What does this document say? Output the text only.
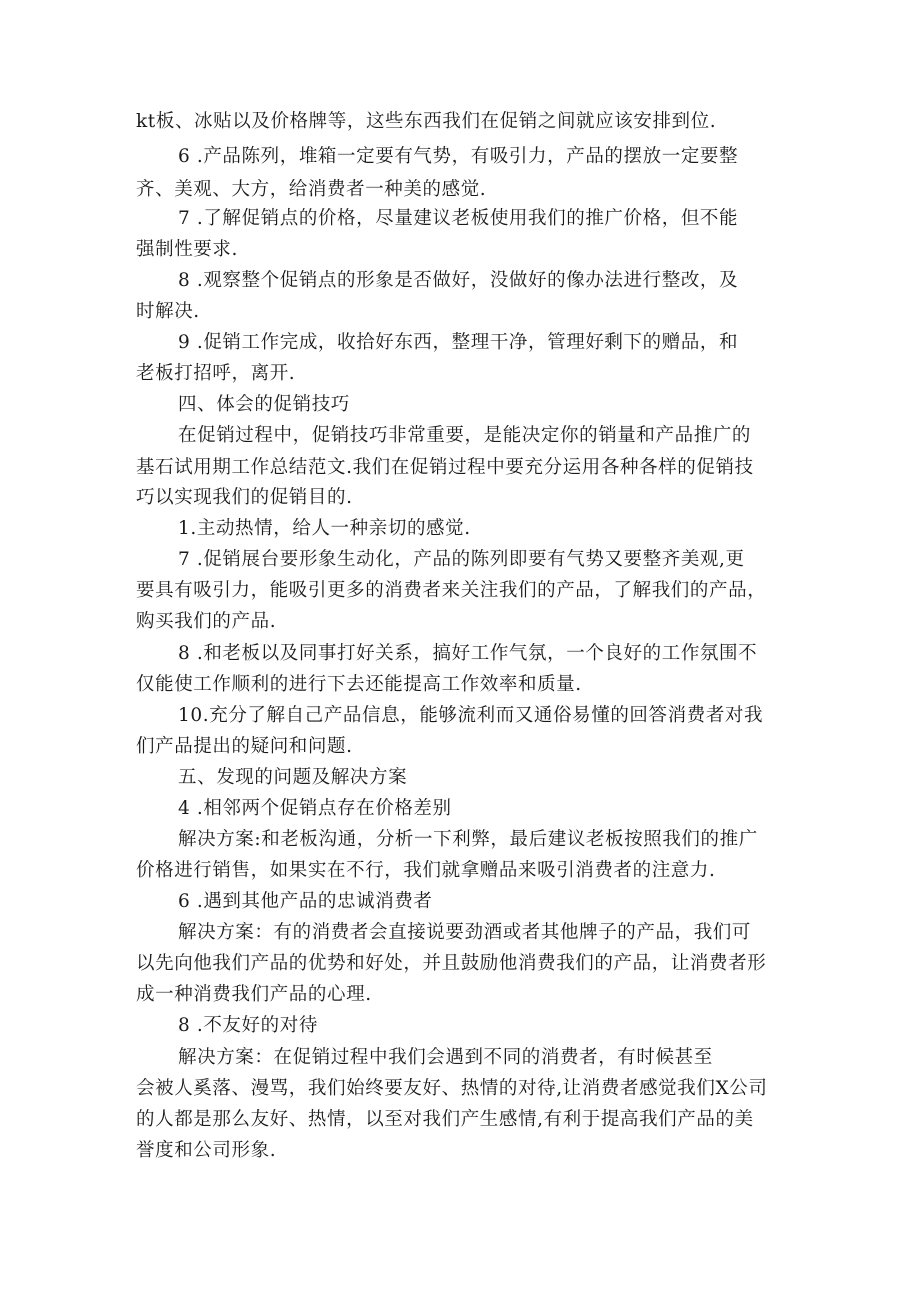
kt板、冰贴以及价格牌等，这些东西我们在促销之间就应该安排到位.
6 .产品陈列，堆箱一定要有气势，有吸引力，产品的摆放一定要整
齐、美观、大方，给消费者一种美的感觉.
7 .了解促销点的价格，尽量建议老板使用我们的推广价格，但不能
强制性要求.
8 .观察整个促销点的形象是否做好，没做好的像办法进行整改，及
时解决.
9 .促销工作完成，收拾好东西，整理干净，管理好剩下的赠品，和
老板打招呼，离开.
四、体会的促销技巧
在促销过程中，促销技巧非常重要，是能决定你的销量和产品推广的
基石试用期工作总结范文.我们在促销过程中要充分运用各种各样的促销技
巧以实现我们的促销目的.
1.主动热情，给人一种亲切的感觉.
7 .促销展台要形象生动化，产品的陈列即要有气势又要整齐美观,更
要具有吸引力，能吸引更多的消费者来关注我们的产品，了解我们的产品，
购买我们的产品.
8 .和老板以及同事打好关系，搞好工作气氛，一个良好的工作氛围不
仅能使工作顺利的进行下去还能提高工作效率和质量.
10.充分了解自己产品信息，能够流利而又通俗易懂的回答消费者对我
们产品提出的疑问和问题.
五、发现的问题及解决方案
4 .相邻两个促销点存在价格差别
解决方案:和老板沟通，分析一下利弊，最后建议老板按照我们的推广
价格进行销售，如果实在不行，我们就拿赠品来吸引消费者的注意力.
6 .遇到其他产品的忠诚消费者
解决方案：有的消费者会直接说要劲酒或者其他牌子的产品，我们可
以先向他我们产品的优势和好处，并且鼓励他消费我们的产品，让消费者形
成一种消费我们产品的心理.
8 .不友好的对待
解决方案：在促销过程中我们会遇到不同的消费者，有时候甚至
会被人奚落、漫骂，我们始终要友好、热情的对待,让消费者感觉我们X公司
的人都是那么友好、热情，以至对我们产生感情,有利于提高我们产品的美
誉度和公司形象.
